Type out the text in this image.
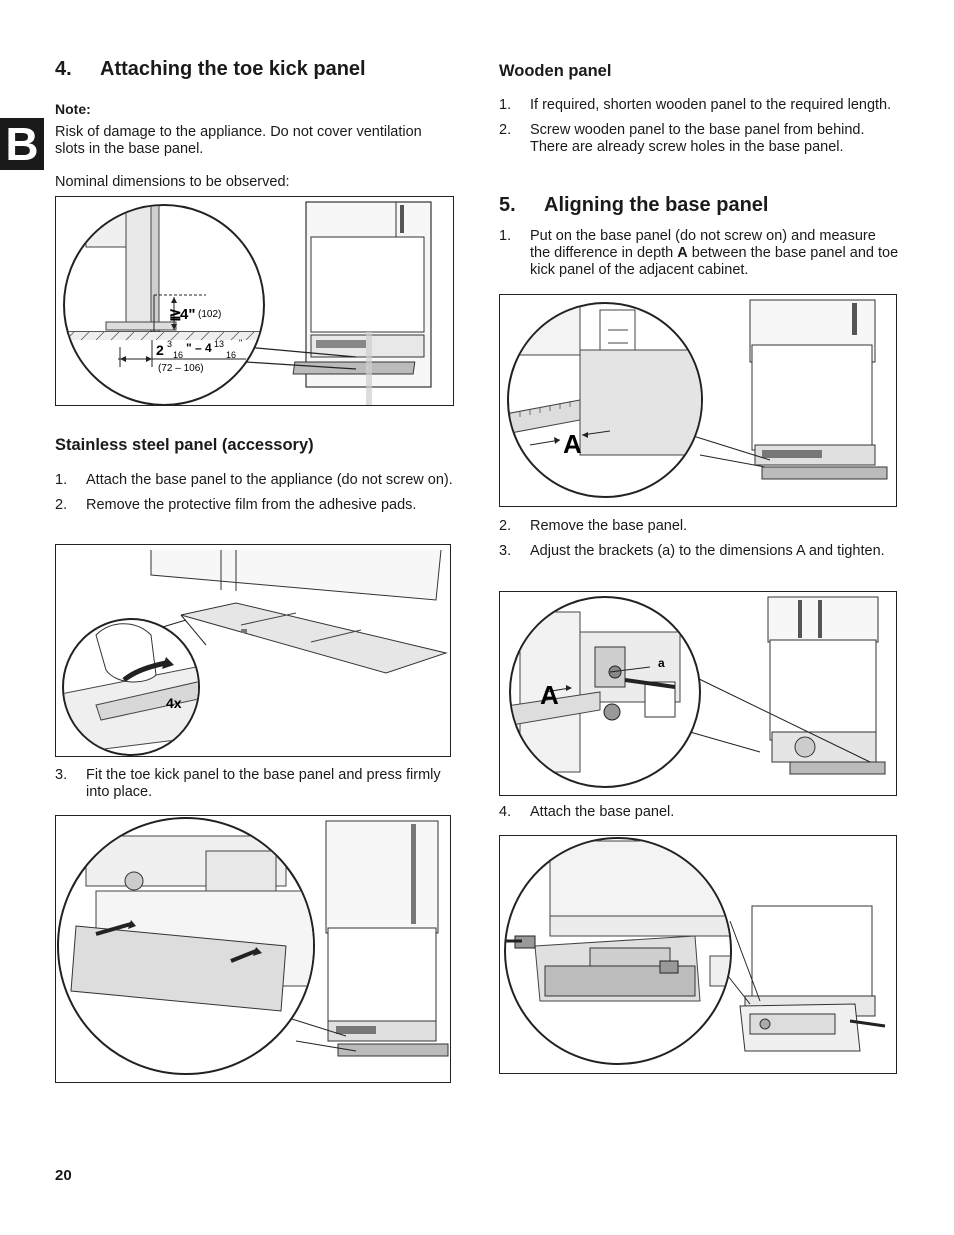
B
4.	Attaching the toe kick panel
Note:

Risk of damage to the appliance. Do not cover ventilation slots in the base panel.

Nominal dimensions to be observed:

≧
4" (102)
2 3
16 " – 4 13
16
"
(72 – 106)
Stainless steel panel (accessory)
1.	Attach the base panel to the appliance (do not screw on).
2.	Remove the protective film from the adhesive pads.
4x
3.	Fit the toe kick panel to the base panel and press firmly into place.
Wooden panel
1.	If required, shorten wooden panel to the required length.
2.	Screw wooden panel to the base panel from behind. There are already screw holes in the base panel.
5.	Aligning the base panel
1.	Put on the base panel (do not screw on) and measure the difference in depth A between the base panel and toe kick panel of the adjacent cabinet.
A
2.	Remove the base panel.
3.	Adjust the brackets (a) to the dimensions A and tighten.
A
a
4.	Attach the base panel.
20
